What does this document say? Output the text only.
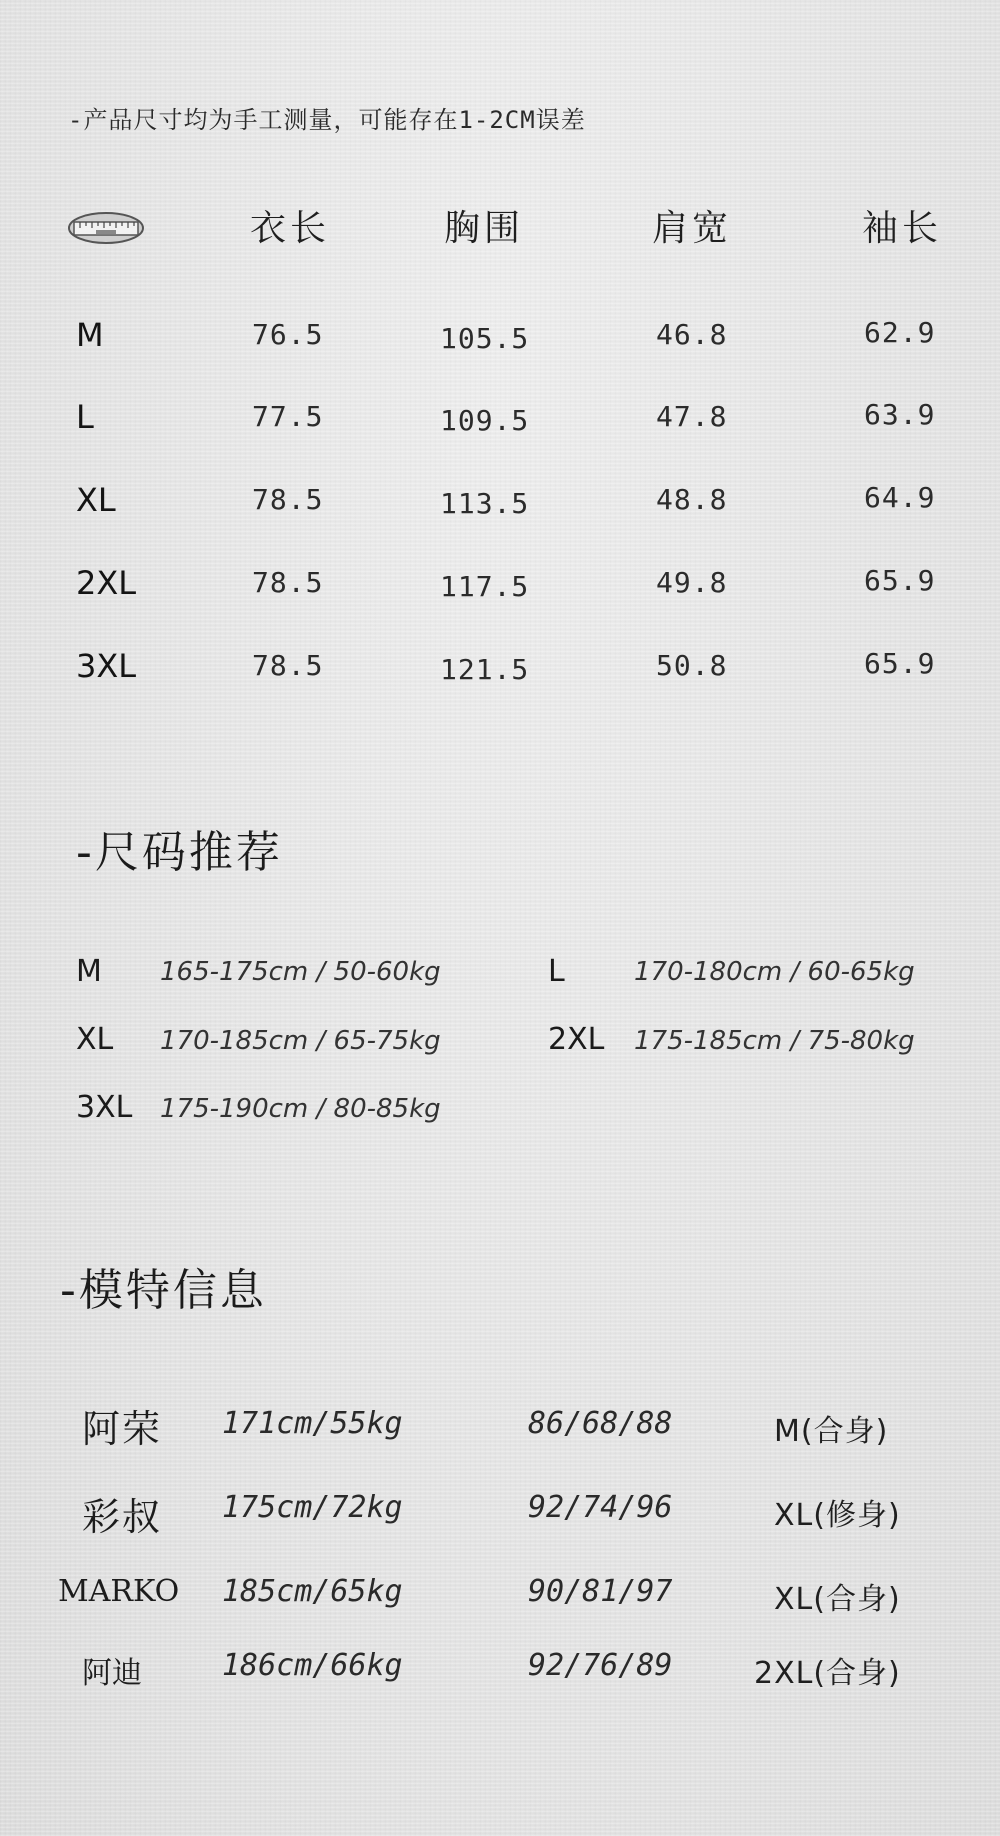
-产品尺寸均为手工测量，可能存在1-2CM误差
衣长	胸围	肩宽	袖长
M	76.5	105.5	46.8	62.9
L	77.5	109.5	47.8	63.9
XL	78.5	113.5	48.8	64.9
2XL	78.5	117.5	49.8	65.9
3XL	78.5	121.5	50.8	65.9
-尺码推荐
M 165-175cm / 50-60kg	L	170-180cm / 60-65kg
XL 170-185cm / 65-75kg	2XL 175-185cm / 75-80kg
3XL 175-190cm / 80-85kg
-模特信息
阿荣 171cm/55kg	86/68/88	M(合身)
彩叔 175cm/72kg	92/74/96	XL(修身)
MARKO 185cm/65kg	90/81/97	XL(合身)
阿迪	186cm/66kg	92/76/89	2XL(合身)
